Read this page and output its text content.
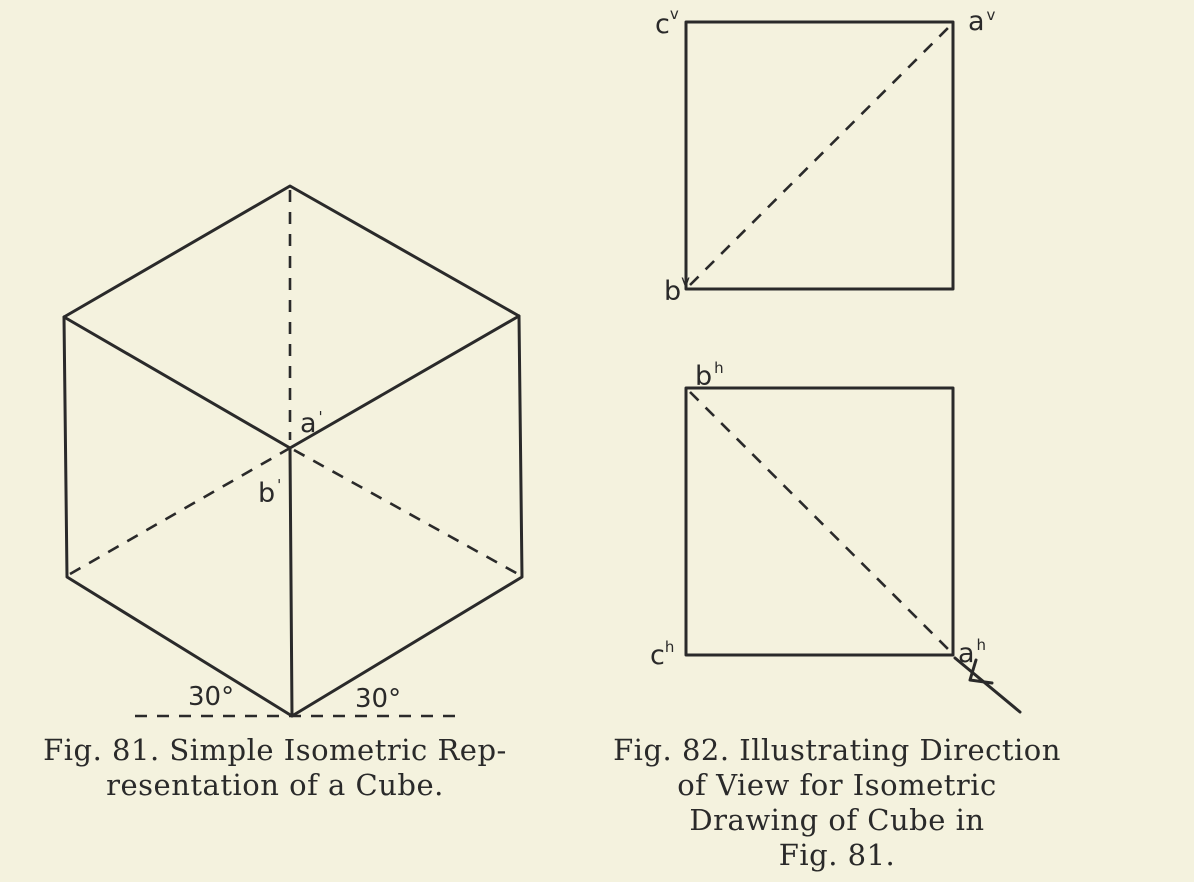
a '
b '
30°	30°
$c^v$	a $^v$
$b^v$
b $^h$
$c^h$	a $^h$

Fig. 81. Simple Isometric Rep-
resentation of a Cube.

Fig. 82. Illustrating Direction
of View for Isometric
Drawing of Cube in
Fig. 81.
